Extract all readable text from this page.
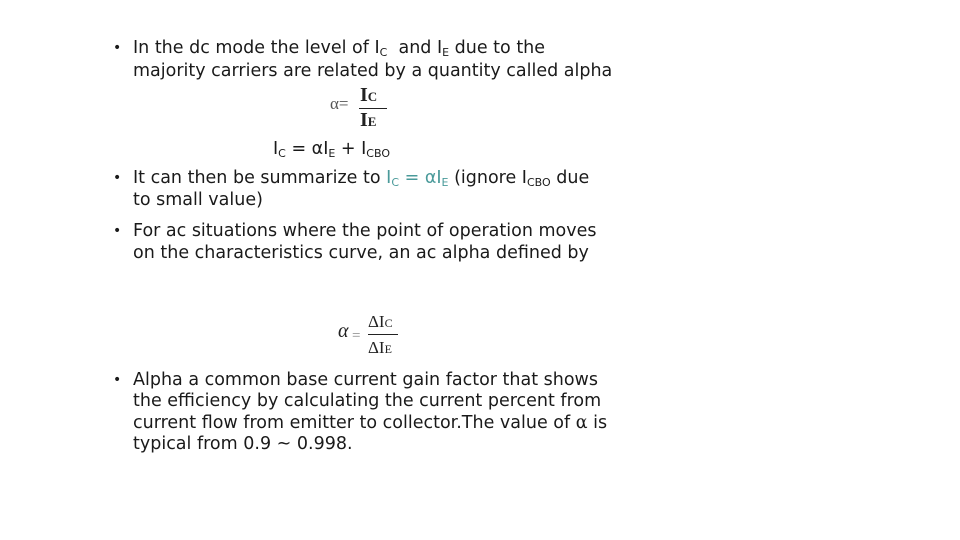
• In the dc mode the level of $I_C$ and $I_E$ due to the
majority carriers are related by a quantity called alpha
α= IC
IE
$I_C = \alpha I_E + I_{CBO}$
• It can then be summarize to $I_C = \alpha I_E$ (ignore $I_{CBO}$ due
to small value)
• For ac situations where the point of operation moves
on the characteristics curve, an ac alpha defined by
α =
ΔIC
ΔIE
• Alpha a common base current gain factor that shows
the efficiency by calculating the current percent from
current flow from emitter to collector.The value of α is
typical from 0.9 ~ 0.998.
